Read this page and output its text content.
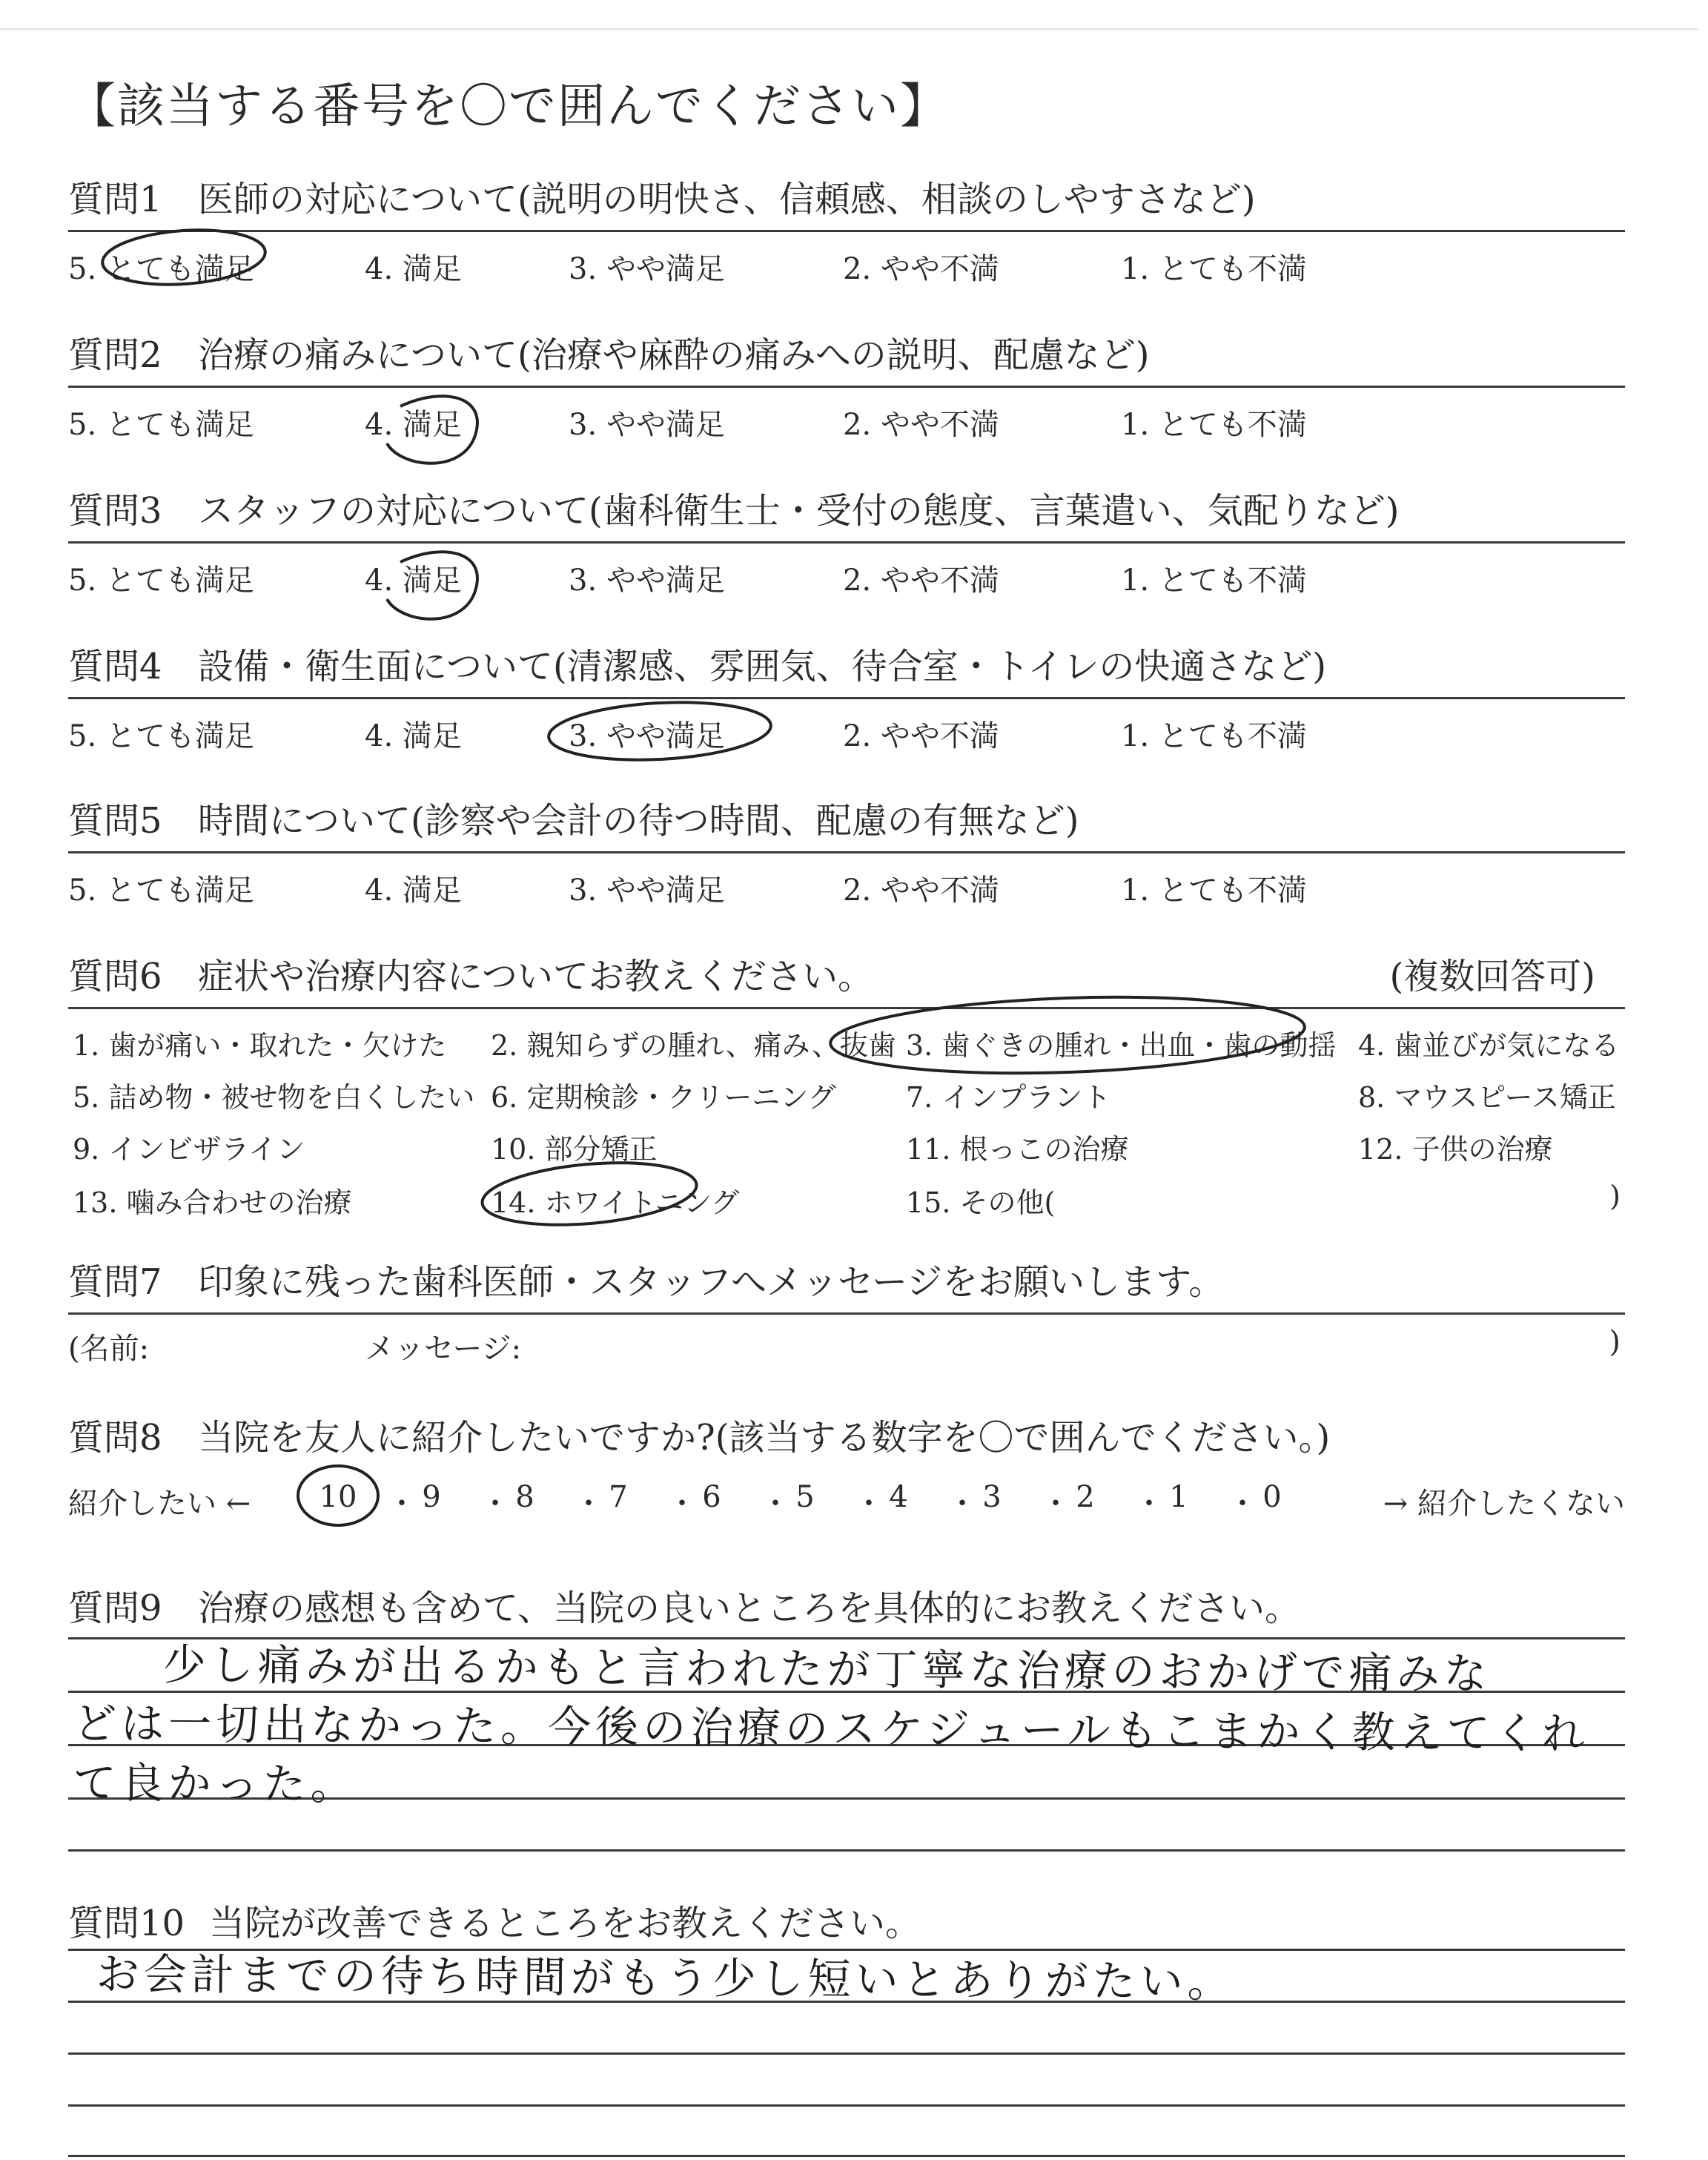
【該当する番号を〇で囲んでください】
質問1 医師の対応について(説明の明快さ、信頼感、相談のしやすさなど)
5. とても満足	4. 満足	3. やや満足	2. やや不満	1. とても不満
質問2 治療の痛みについて(治療や麻酔の痛みへの説明、配慮など)
5. とても満足	4. 満足	3. やや満足	2. やや不満	1. とても不満
質問3 スタッフの対応について(歯科衛生士・受付の態度、言葉遣い、気配りなど)
5. とても満足	4. 満足	3. やや満足	2. やや不満	1. とても不満
質問4 設備・衛生面について(清潔感、雰囲気、待合室・トイレの快適さなど)
5. とても満足	4. 満足	3. やや満足	2. やや不満	1. とても不満
質問5 時間について(診察や会計の待つ時間、配慮の有無など)
5. とても満足	4. 満足	3. やや満足	2. やや不満	1. とても不満
質問6 症状や治療内容についてお教えください。	(複数回答可)
1. 歯が痛い・取れた・欠けた 2. 親知らずの腫れ、痛み、抜歯 3. 歯ぐきの腫れ・出血・歯の動揺 4. 歯並びが気になる
5. 詰め物・被せ物を白くしたい 6. 定期検診・クリーニング 7. インプラント	8. マウスピース矯正
9. インビザライン	10. 部分矯正	11. 根っこの治療	12. 子供の治療
13. 噛み合わせの治療	14. ホワイトニング	15. その他(	)
質問7 印象に残った歯科医師・スタッフへメッセージをお願いします。
(名前:	メッセージ:	)
質問8 当院を友人に紹介したいですか?(該当する数字を〇で囲んでください。)
紹介したい ← 10 ・ 9	・ 8	・ 7	・ 6	・ 5	・ 4	・ 3	・ 2	・ 1	・ 0	→ 紹介したくない
質問9 治療の感想も含めて、当院の良いところを具体的にお教えください。
少し痛みが出るかもと言われたが丁寧な治療のおかげで痛みな
どは一切出なかった。今後の治療のスケジュールもこまかく教えてくれ
て良かった。
質問10 当院が改善できるところをお教えください。
お会計までの待ち時間がもう少し短いとありがたい。
